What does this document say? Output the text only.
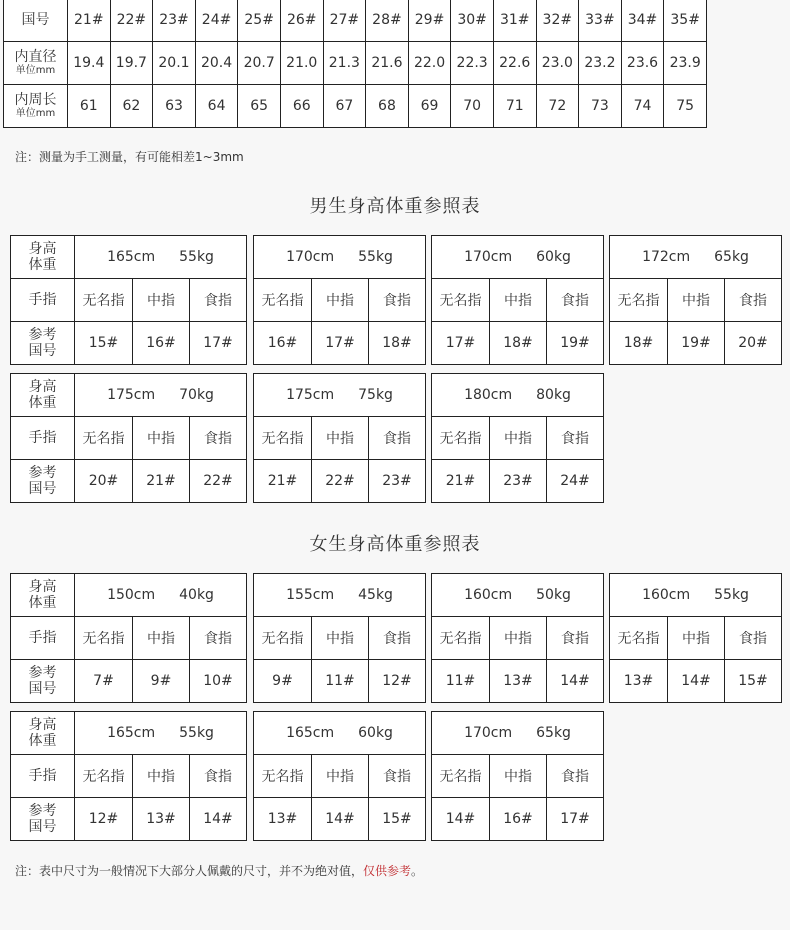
国号	21#	22#	23#	24#	25#	26#	27#	28#	29#	30#	31#	32#	33#	34#	35#

内直径
单位mm	19.4	19.7	20.1	20.4	20.7	21.0	21.3	21.6	22.0	22.3	22.6	23.0	23.2	23.6	23.9

内周长
单位mm	61	62	63	64	65	66	67	68	69	70	71	72	73	74	75
注：测量为手工测量，有可能相差1~3mm
男生身高体重参照表
身高
体重	165cm 55kg		
手指	无名指	中指	食指

参考
国号	15#	16#	17#
170cm 55kg		
无名指	中指	食指
16#	17#	18#
170cm 60kg		
无名指	中指	食指
17#	18#	19#
172cm 65kg		
无名指	中指	食指
18#	19#	20#
身高
体重	175cm 70kg		
手指	无名指	中指	食指

参考
国号	20#	21#	22#
175cm 75kg		
无名指	中指	食指
21#	22#	23#
180cm 80kg		
无名指	中指	食指
21#	23#	24#
女生身高体重参照表
身高
体重	150cm 40kg		
手指	无名指	中指	食指

参考
国号	7#	9#	10#
155cm 45kg		
无名指	中指	食指
9#	11#	12#
160cm 50kg		
无名指	中指	食指
11#	13#	14#
160cm 55kg		
无名指	中指	食指
13#	14#	15#
身高
体重	165cm 55kg		
手指	无名指	中指	食指

参考
国号	12#	13#	14#
165cm 60kg		
无名指	中指	食指
13#	14#	15#
170cm 65kg		
无名指	中指	食指
14#	16#	17#
注：表中尺寸为一般情况下大部分人佩戴的尺寸，并不为绝对值，仅供参考。
